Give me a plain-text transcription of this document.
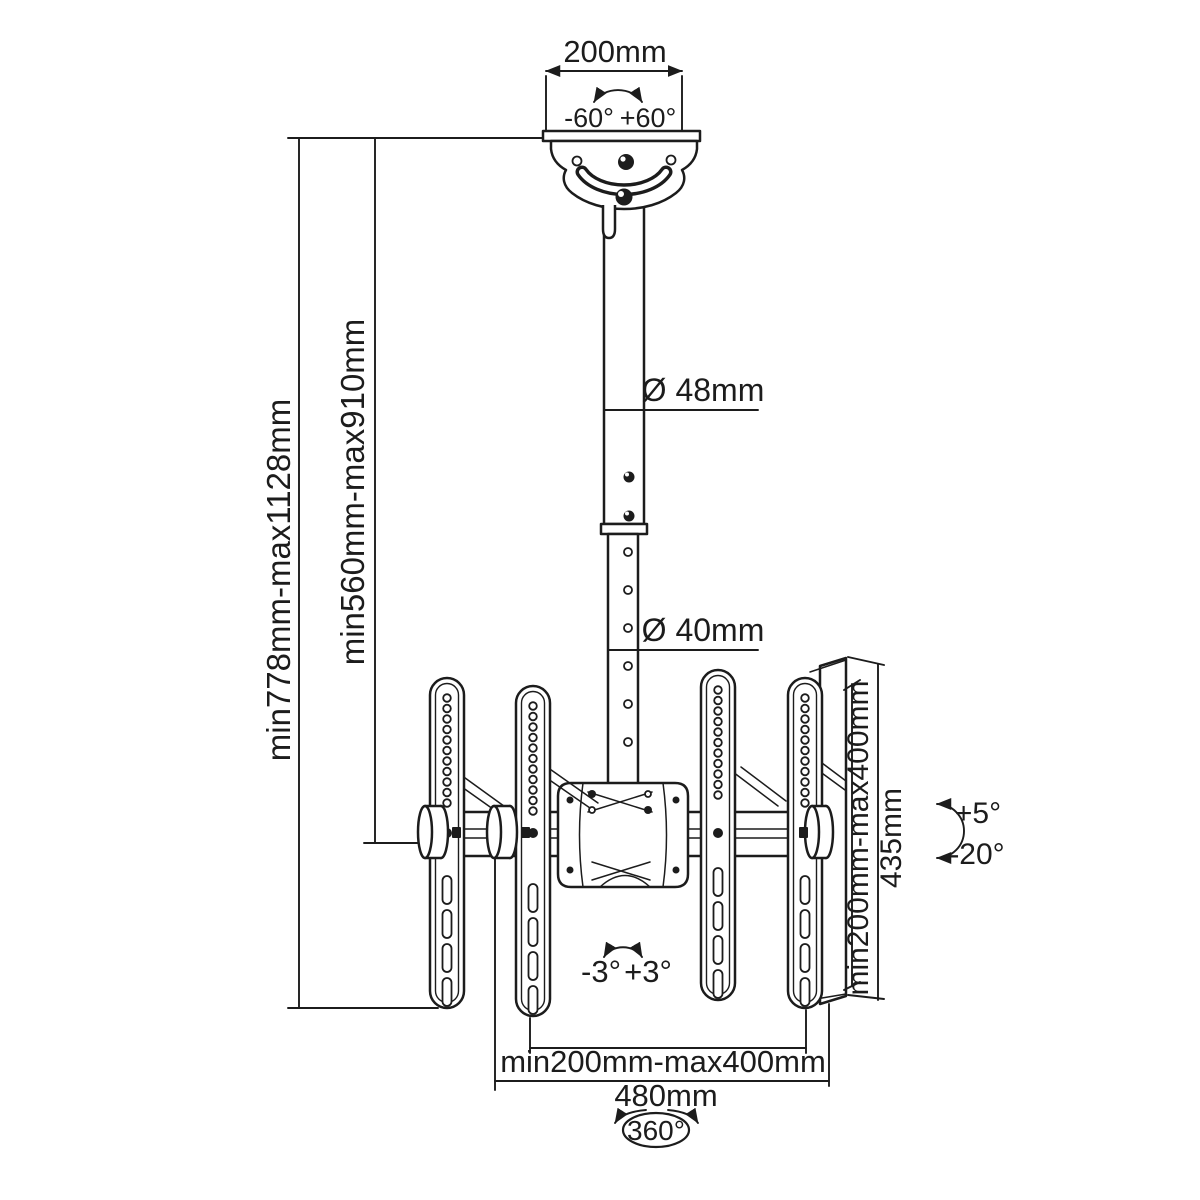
200mm
-60° +60°
Ø 48mm
Ø 40mm
min778mm-max1128mm min560mm-max910mm
min200mm-max400mm 435mm +5°
-20°
-3° +3°
min200mm-max400mm
480mm
360°
